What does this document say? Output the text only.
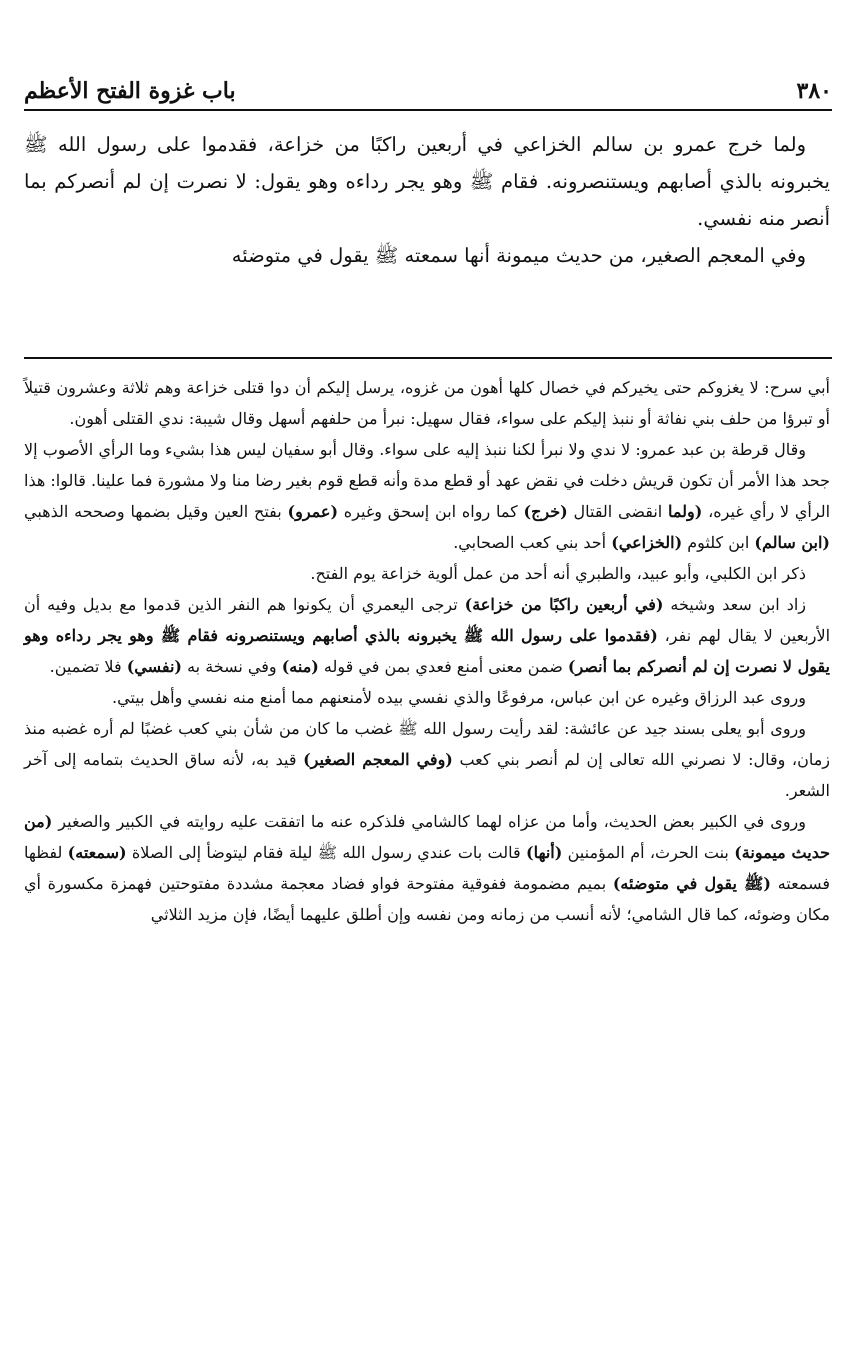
٣٨٠
باب غزوة الفتح الأعظم

ولما خرج عمرو بن سالم الخزاعي في أربعين راكبًا من خزاعة، فقدموا على رسول الله ﷺ يخبرونه بالذي أصابهم ويستنصرونه. فقام ﷺ وهو يجر رداءه وهو يقول: لا نصرت إن لم أنصركم بما أنصر منه نفسي.

وفي المعجم الصغير، من حديث ميمونة أنها سمعته ﷺ يقول في متوضئه

أبي سرح: لا يغزوكم حتى يخيركم في خصال كلها أهون من غزوه، يرسل إليكم أن دوا قتلى خزاعة وهم ثلاثة وعشرون قتيلاً أو تبرؤا من حلف بني نفاثة أو ننبذ إليكم على سواء، فقال سهيل: نبرأ من حلفهم أسهل وقال شيبة: ندي القتلى أهون.

وقال قرطة بن عبد عمرو: لا ندي ولا نبرأ لكنا ننبذ إليه على سواء. وقال أبو سفيان ليس هذا بشيء وما الرأي الأصوب إلا جحد هذا الأمر أن تكون قريش دخلت في نقض عهد أو قطع مدة وأنه قطع قوم بغير رضا منا ولا مشورة فما علينا. قالوا: هذا الرأي لا رأي غيره، (ولما انقضى القتال (خرج) كما رواه ابن إسحق وغيره (عمرو) بفتح العين وقيل بضمها وصححه الذهبي (ابن سالم) ابن كلثوم (الخزاعي) أحد بني كعب الصحابي.

ذكر ابن الكلبي، وأبو عبيد، والطبري أنه أحد من عمل ألوية خزاعة يوم الفتح.

زاد ابن سعد وشيخه (في أربعين راكبًا من خزاعة) ترجى اليعمري أن يكونوا هم النفر الذين قدموا مع بديل وفيه أن الأربعين لا يقال لهم نفر، (فقدموا على رسول الله ﷺ يخبرونه بالذي أصابهم ويستنصرونه فقام ﷺ وهو يجر رداءه وهو يقول لا نصرت إن لم أنصركم بما أنصر) ضمن معنى أمنع فعدي بمن في قوله (منه) وفي نسخة به (نفسي) فلا تضمين.

وروى عبد الرزاق وغيره عن ابن عباس، مرفوعًا والذي نفسي بيده لأمنعنهم مما أمنع منه نفسي وأهل بيتي.

وروى أبو يعلى بسند جيد عن عائشة: لقد رأيت رسول الله ﷺ غضب ما كان من شأن بني كعب غضبًا لم أره غضبه منذ زمان، وقال: لا نصرني الله تعالى إن لم أنصر بني كعب (وفي المعجم الصغير) قيد به، لأنه ساق الحديث بتمامه إلى آخر الشعر.

وروى في الكبير بعض الحديث، وأما من عزاه لهما كالشامي فلذكره عنه ما اتفقت عليه روايته في الكبير والصغير (من حديث ميمونة) بنت الحرث، أم المؤمنين (أنها) قالت بات عندي رسول الله ﷺ ليلة فقام ليتوضأ إلى الصلاة (سمعته) لفظها فسمعته (ﷺ يقول في متوضئه) بميم مضمومة ففوقية مفتوحة فواو فضاد معجمة مشددة مفتوحتين فهمزة مكسورة أي مكان وضوئه، كما قال الشامي؛ لأنه أنسب من زمانه ومن نفسه وإن أطلق عليهما أيضًا، فإن مزيد الثلاثي
